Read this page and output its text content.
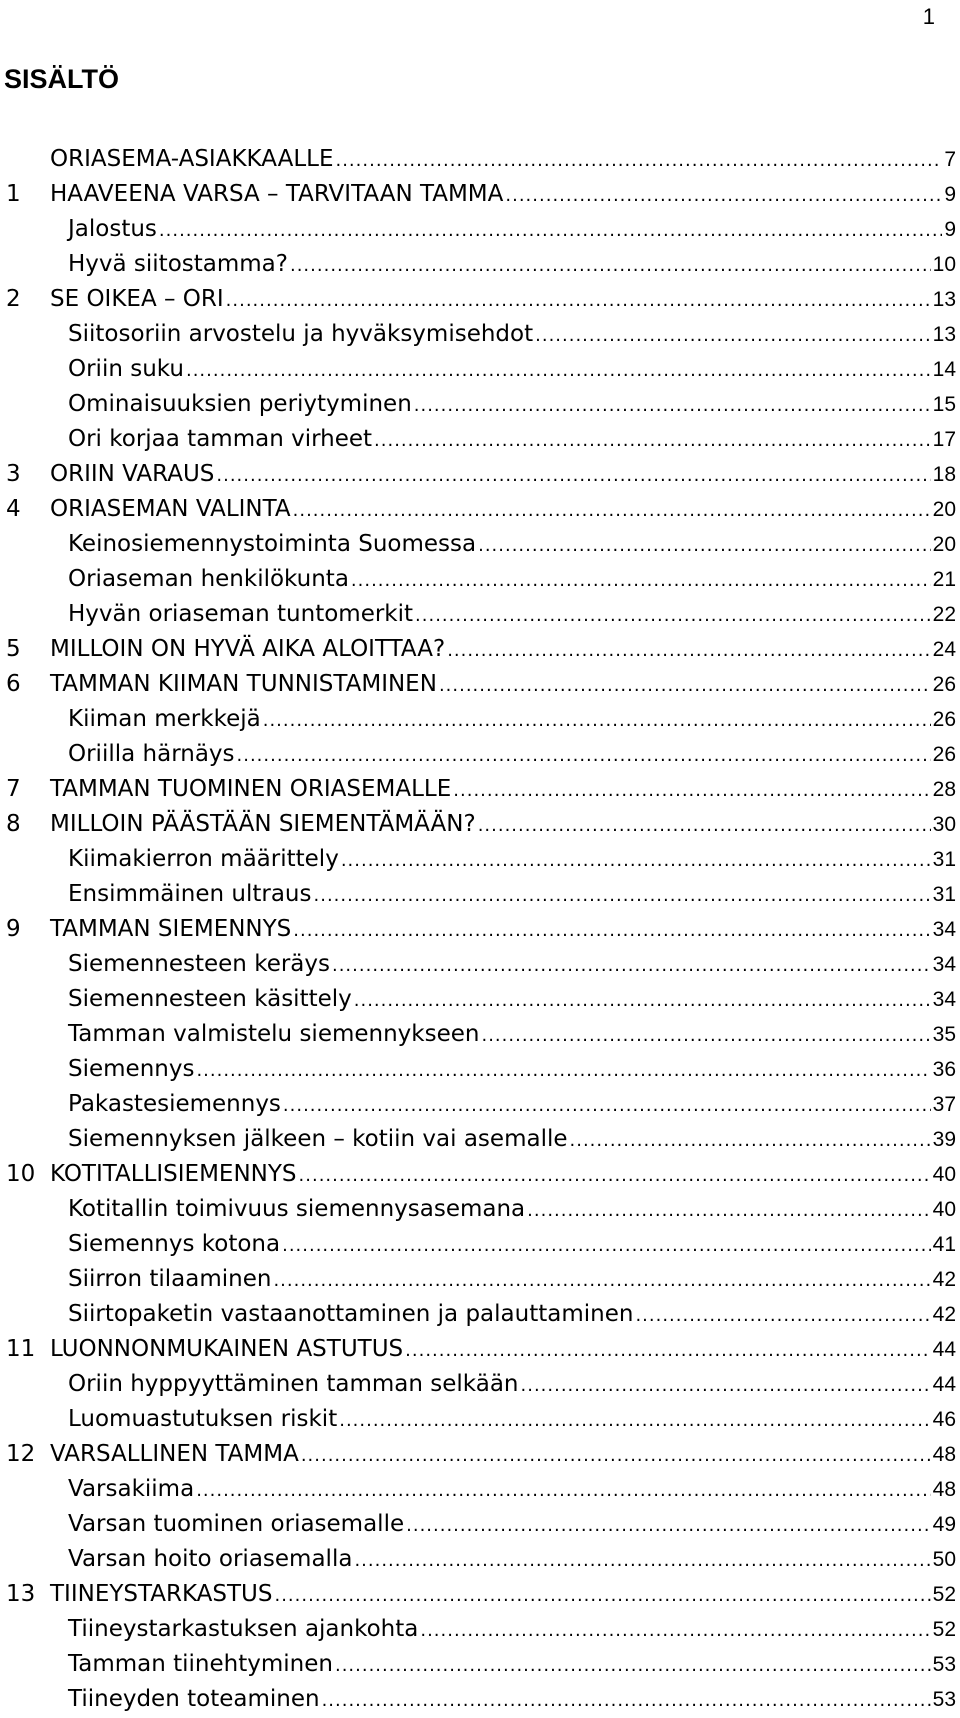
1
SISÄLTÖ
ORIASEMA-ASIAKKAALLE .....	7
1	HAAVEENA VARSA – TARVITAAN TAMMA .....	9
Jalostus .....	9
Hyvä siitostamma? .....	10
2	SE OIKEA – ORI .....	13
Siitosoriin arvostelu ja hyväksymisehdot .....	13
Oriin suku .....	14
Ominaisuuksien periytyminen .....	15
Ori korjaa tamman virheet .....	17
3	ORIIN VARAUS .....	18
4	ORIASEMAN VALINTA .....	20
Keinosiemennystoiminta Suomessa .....	20
Oriaseman henkilökunta .....	21
Hyvän oriaseman tuntomerkit .....	22
5	MILLOIN ON HYVÄ AIKA ALOITTAA? .....	24
6	TAMMAN KIIMAN TUNNISTAMINEN .....	26
Kiiman merkkejä .....	26
Oriilla härnäys .....	26
7	TAMMAN TUOMINEN ORIASEMALLE .....	28
8	MILLOIN PÄÄSTÄÄN SIEMENTÄMÄÄN? .....	30
Kiimakierron määrittely .....	31
Ensimmäinen ultraus .....	31
9	TAMMAN SIEMENNYS .....	34
Siemennesteen keräys .....	34
Siemennesteen käsittely .....	34
Tamman valmistelu siemennykseen .....	35
Siemennys .....	36
Pakastesiemennys .....	37
Siemennyksen jälkeen – kotiin vai asemalle .....	39
10 KOTITALLISIEMENNYS .....	40
Kotitallin toimivuus siemennysasemana .....	40
Siemennys kotona .....	41
Siirron tilaaminen .....	42
Siirtopaketin vastaanottaminen ja palauttaminen .....	42
11 LUONNONMUKAINEN ASTUTUS .....	44
Oriin hyppyyttäminen tamman selkään .....	44
Luomuastutuksen riskit .....	46
12 VARSALLINEN TAMMA .....	48
Varsakiima .....	48
Varsan tuominen oriasemalle .....	49
Varsan hoito oriasemalla .....	50
13 TIINEYSTARKASTUS .....	52
Tiineystarkastuksen ajankohta .....	52
Tamman tiinehtyminen .....	53
Tiineyden toteaminen .....	53
